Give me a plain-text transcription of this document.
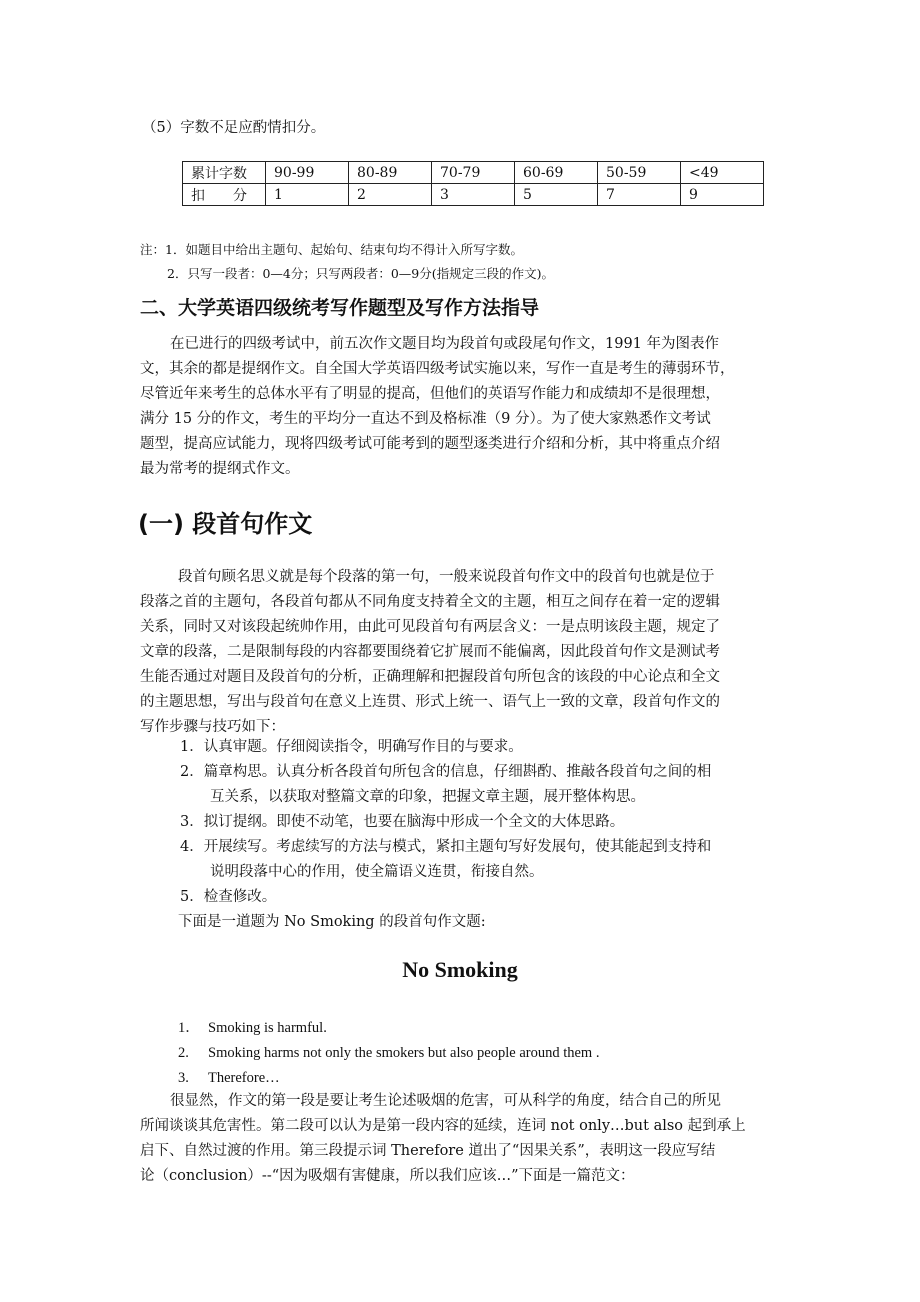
（5）字数不足应酌情扣分。
累计字数	90-99	80-89	70-79	60-69	50-59	<49
扣　　分	1	2	3	5	7	9
注：1．如题目中给出主题句、起始句、结束句均不得计入所写字数。
2．只写一段者：0—4分；只写两段者：0—9分(指规定三段的作文)。
二、大学英语四级统考写作题型及写作方法指导
在已进行的四级考试中，前五次作文题目均为段首句或段尾句作文，1991 年为图表作
文，其余的都是提纲作文。自全国大学英语四级考试实施以来，写作一直是考生的薄弱环节，
尽管近年来考生的总体水平有了明显的提高，但他们的英语写作能力和成绩却不是很理想，
满分 15 分的作文，考生的平均分一直达不到及格标准（9 分）。为了使大家熟悉作文考试
题型，提高应试能力，现将四级考试可能考到的题型逐类进行介绍和分析，其中将重点介绍
最为常考的提纲式作文。
(一) 段首句作文
段首句顾名思义就是每个段落的第一句，一般来说段首句作文中的段首句也就是位于
段落之首的主题句，各段首句都从不同角度支持着全文的主题，相互之间存在着一定的逻辑
关系，同时又对该段起统帅作用，由此可见段首句有两层含义：一是点明该段主题，规定了
文章的段落，二是限制每段的内容都要围绕着它扩展而不能偏离，因此段首句作文是测试考
生能否通过对题目及段首句的分析，正确理解和把握段首句所包含的该段的中心论点和全文
的主题思想，写出与段首句在意义上连贯、形式上统一、语气上一致的文章，段首句作文的
写作步骤与技巧如下：
1．认真审题。仔细阅读指令，明确写作目的与要求。
2．篇章构思。认真分析各段首句所包含的信息，仔细斟酌、推敲各段首句之间的相
互关系，以获取对整篇文章的印象，把握文章主题，展开整体构思。
3．拟订提纲。即使不动笔，也要在脑海中形成一个全文的大体思路。
4．开展续写。考虑续写的方法与模式，紧扣主题句写好发展句，使其能起到支持和
说明段落中心的作用，使全篇语义连贯，衔接自然。
5．检查修改。
下面是一道题为 No Smoking 的段首句作文题:
No Smoking
1． Smoking is harmful.
2. Smoking harms not only the smokers but also people around them .
3. Therefore…
很显然，作文的第一段是要让考生论述吸烟的危害，可从科学的角度，结合自己的所见
所闻谈谈其危害性。第二段可以认为是第一段内容的延续，连词 not only…but also 起到承上
启下、自然过渡的作用。第三段提示词 Therefore 道出了“因果关系”，表明这一段应写结
论（conclusion）--“因为吸烟有害健康，所以我们应该…”下面是一篇范文：
